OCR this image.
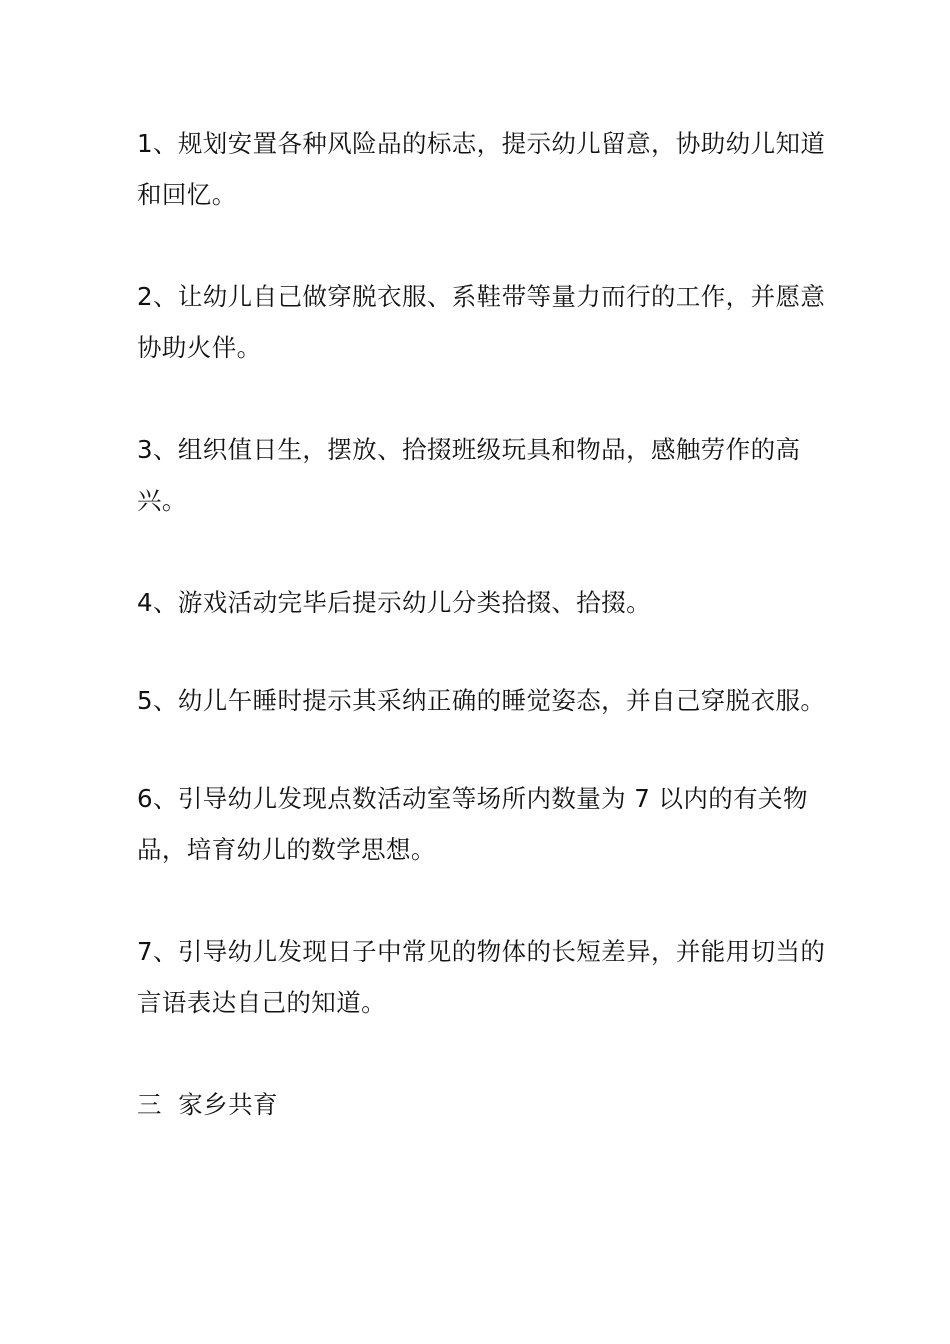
1、规划安置各种风险品的标志，提示幼儿留意，协助幼儿知道和回忆。

2、让幼儿自己做穿脱衣服、系鞋带等量力而行的工作，并愿意协助火伴。

3、组织值日生，摆放、拾掇班级玩具和物品，感触劳作的高兴。

4、游戏活动完毕后提示幼儿分类拾掇、拾掇。

5、幼儿午睡时提示其采纳正确的睡觉姿态，并自己穿脱衣服。

6、引导幼儿发现点数活动室等场所内数量为 7 以内的有关物品，培育幼儿的数学思想。

7、引导幼儿发现日子中常见的物体的长短差异，并能用切当的言语表达自己的知道。

三  家乡共育
